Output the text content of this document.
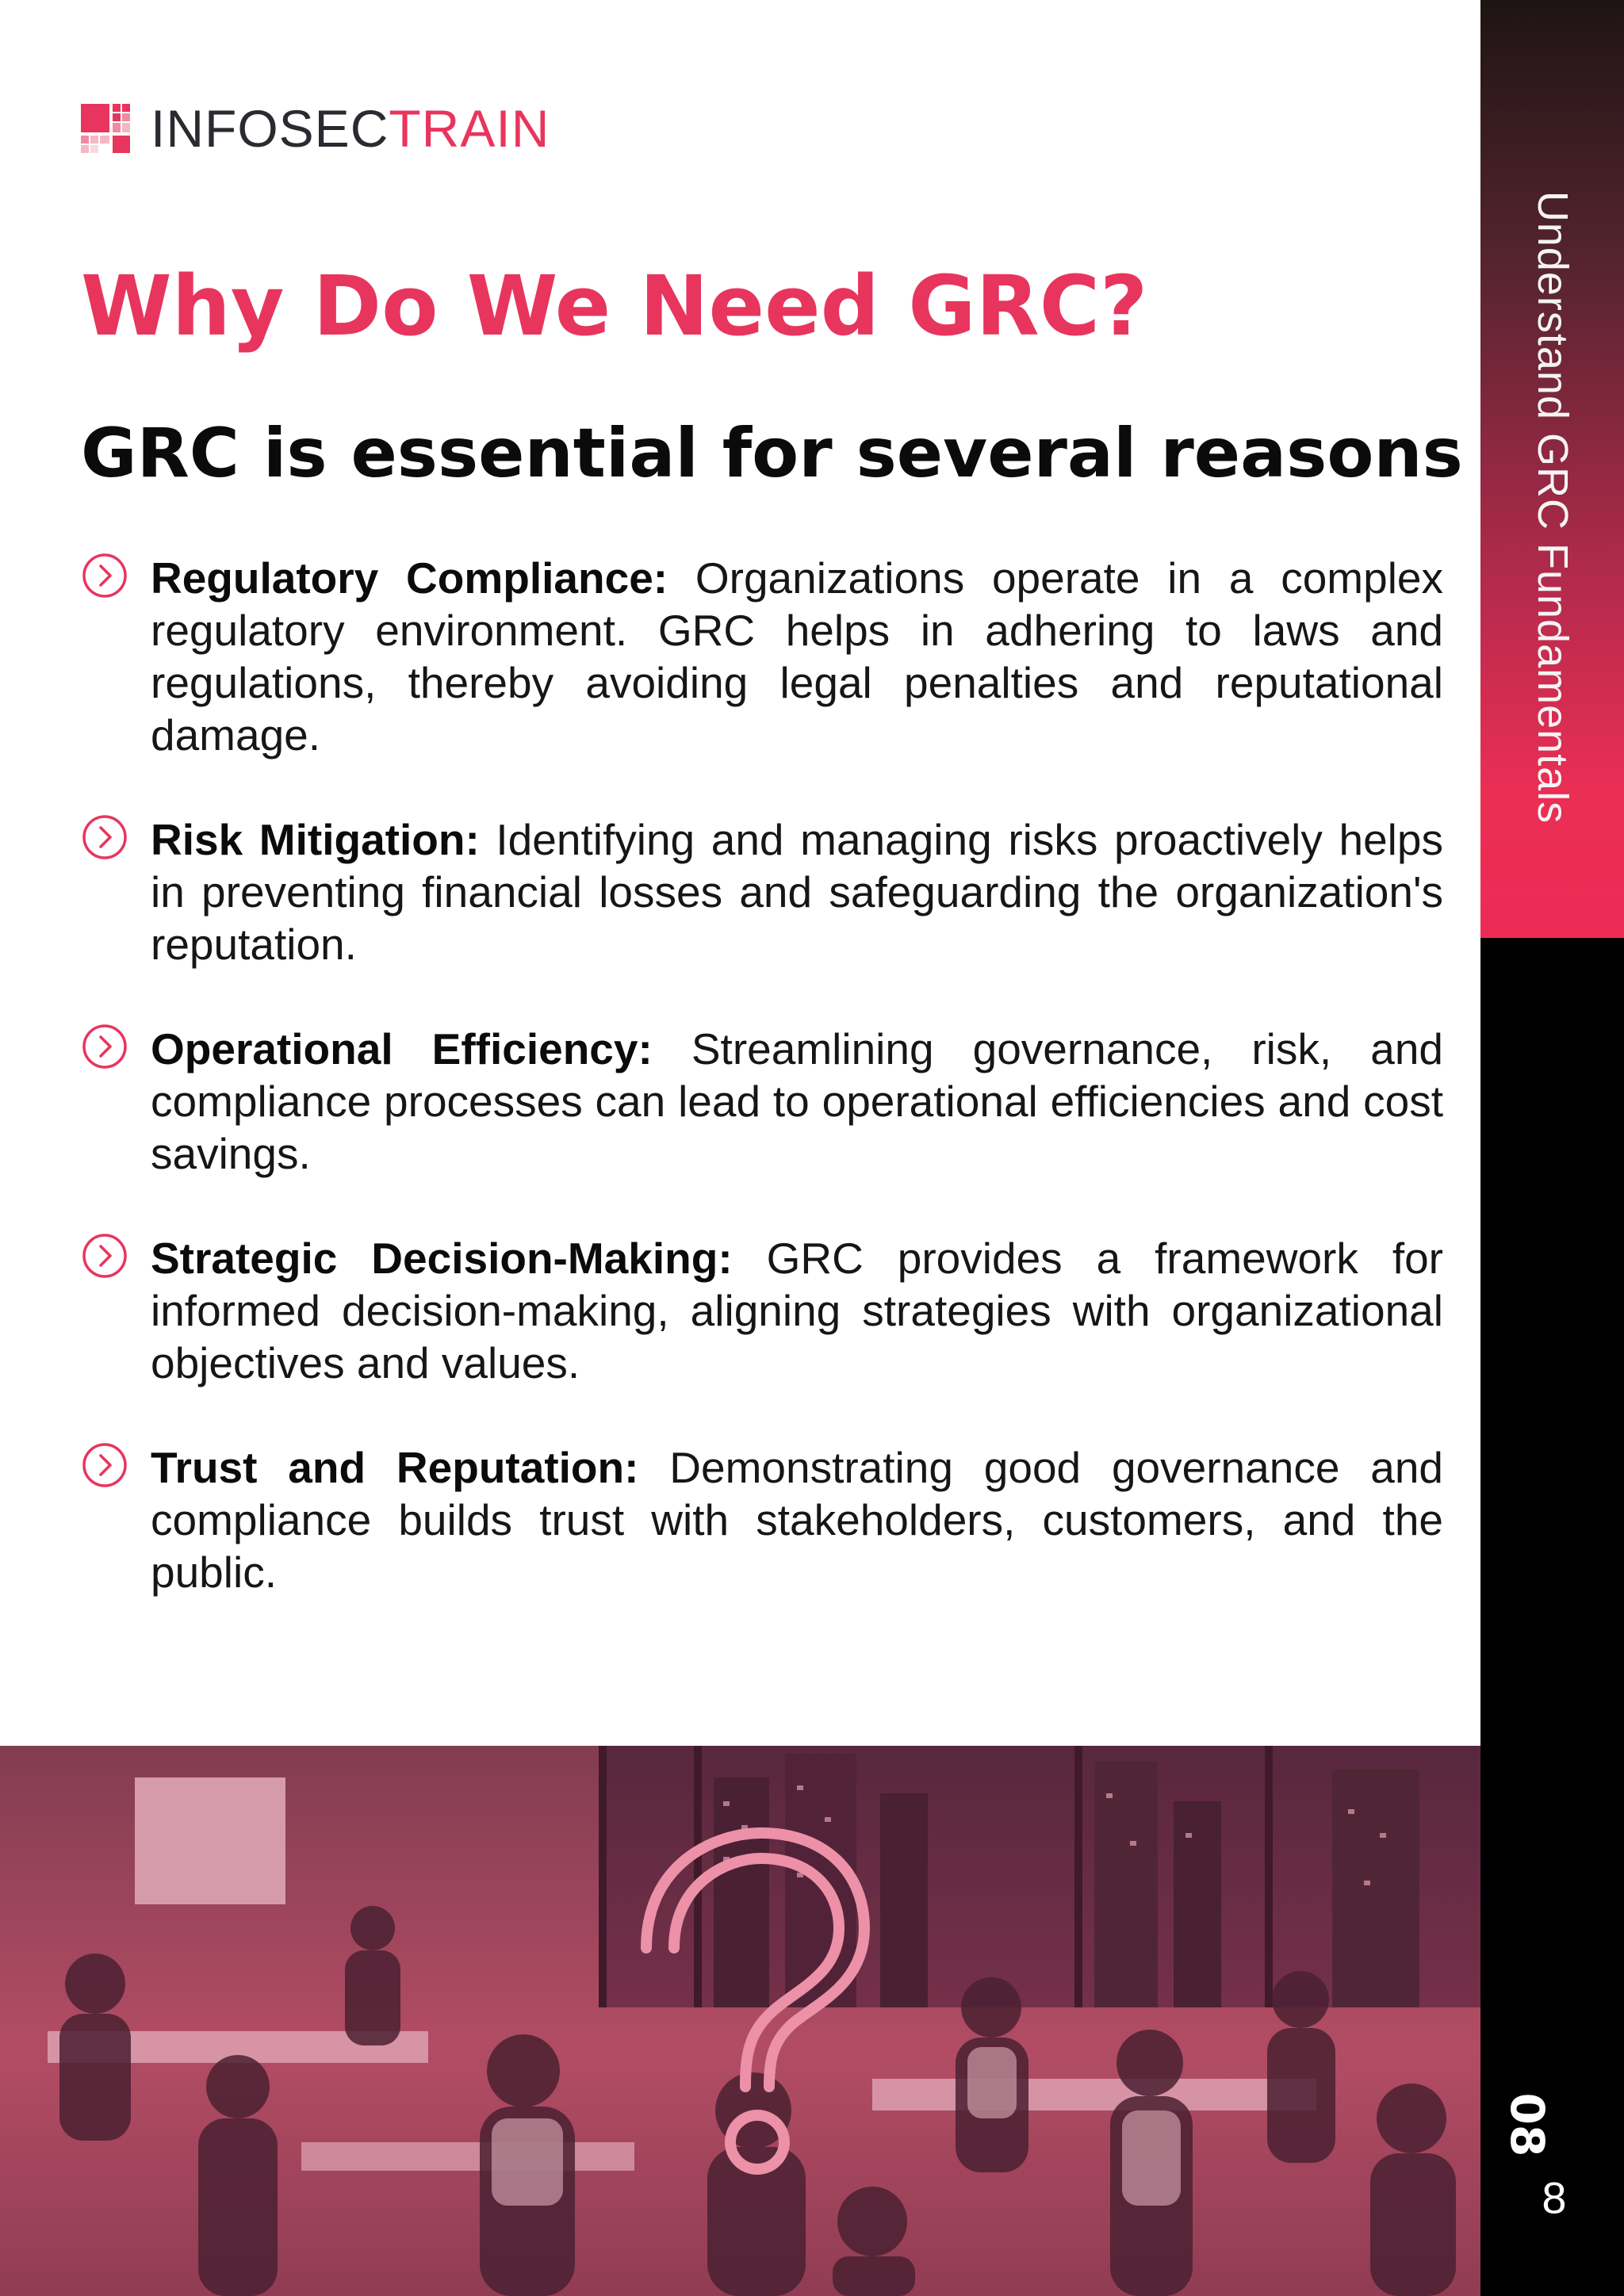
INFOSECTRAIN
Why Do We Need GRC?
GRC is essential for several reasons

Regulatory Compliance: Organizations operate in a complex regulatory environment. GRC helps in adhering to laws and regulations, thereby avoiding legal penalties and reputational damage.

Risk Mitigation: Identifying and managing risks proactively helps in preventing financial losses and safeguarding the organization's reputation.

Operational Efficiency: Streamlining governance, risk, and compliance processes can lead to operational efficiencies and cost savings.

Strategic Decision-Making: GRC provides a framework for informed decision-making, aligning strategies with organizational objectives and values.

Trust and Reputation: Demonstrating good governance and compliance builds trust with stakeholders, customers, and the public.

Understand GRC Fundamentals
08
8
